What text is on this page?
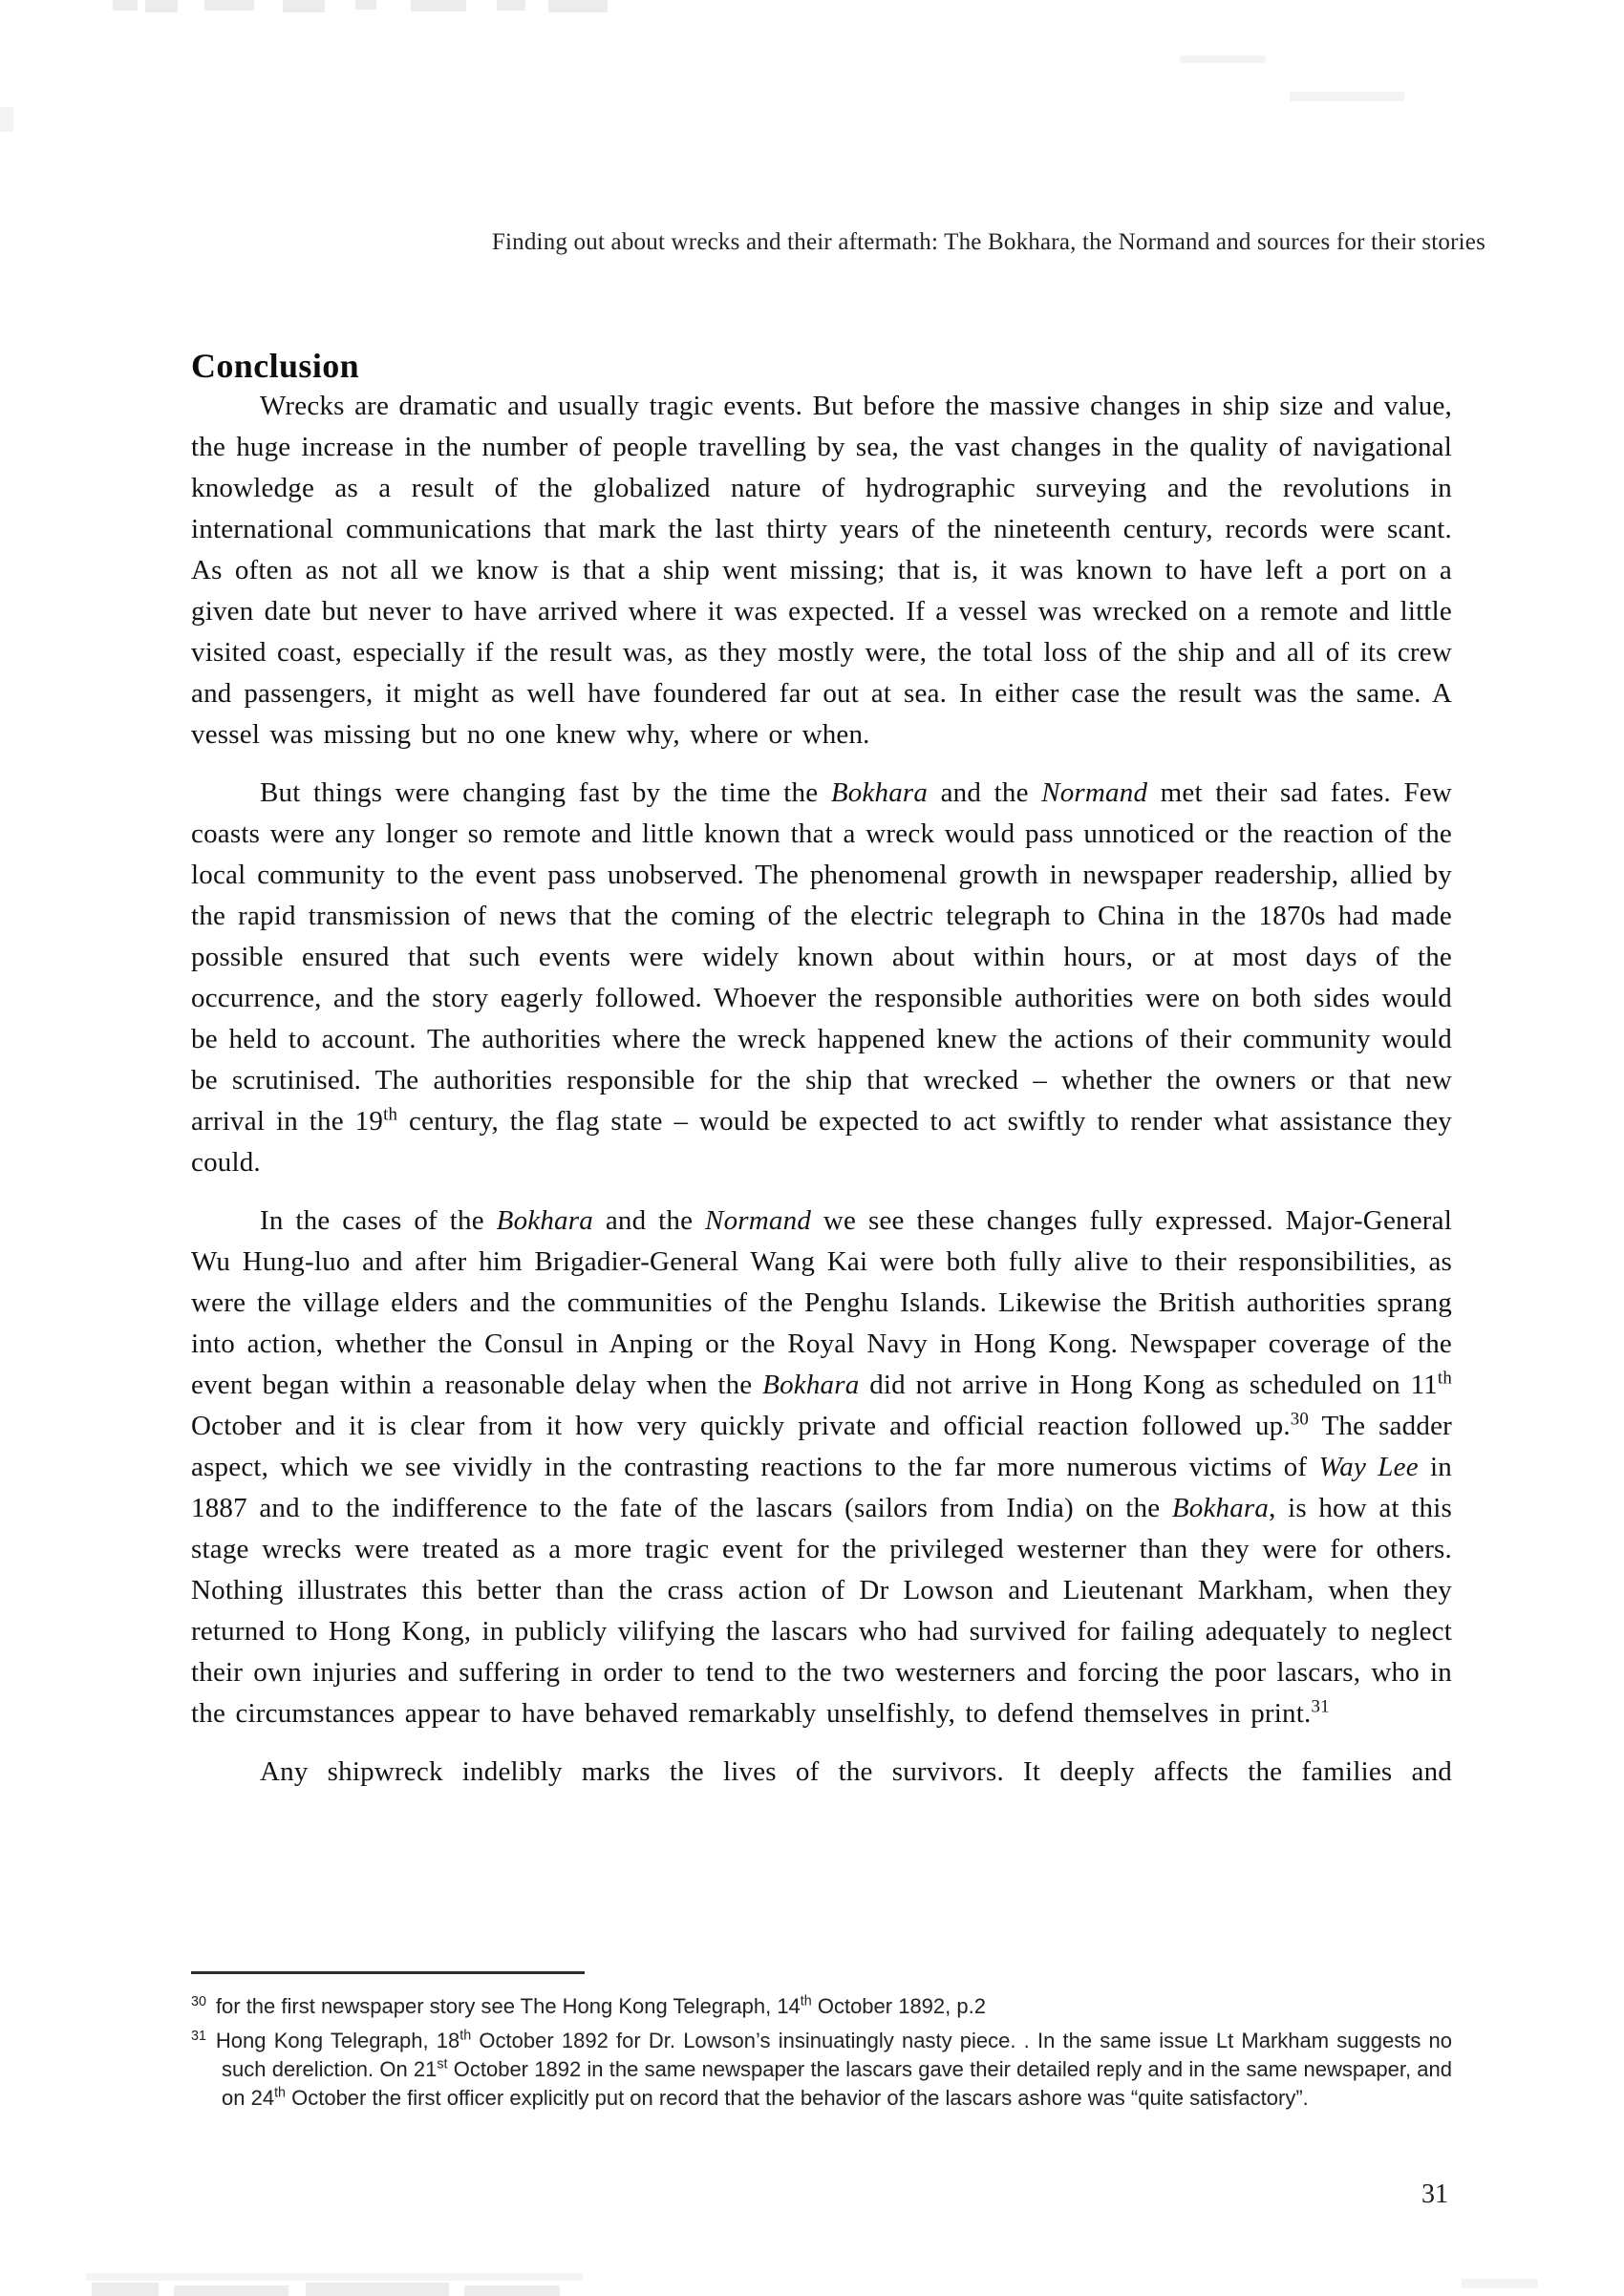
Finding out about wrecks and their aftermath: The Bokhara, the Normand and sources for their stories
Conclusion

Wrecks are dramatic and usually tragic events. But before the massive changes in ship size and value, the huge increase in the number of people travelling by sea, the vast changes in the quality of navigational knowledge as a result of the globalized nature of hydrographic surveying and the revolutions in international communications that mark the last thirty years of the nineteenth century, records were scant. As often as not all we know is that a ship went missing; that is, it was known to have left a port on a given date but never to have arrived where it was expected. If a vessel was wrecked on a remote and little visited coast, especially if the result was, as they mostly were, the total loss of the ship and all of its crew and passengers, it might as well have foundered far out at sea. In either case the result was the same. A vessel was missing but no one knew why, where or when.

But things were changing fast by the time the Bokhara and the Normand met their sad fates. Few coasts were any longer so remote and little known that a wreck would pass unnoticed or the reaction of the local community to the event pass unobserved. The phenomenal growth in newspaper readership, allied by the rapid transmission of news that the coming of the electric telegraph to China in the 1870s had made possible ensured that such events were widely known about within hours, or at most days of the occurrence, and the story eagerly followed. Whoever the responsible authorities were on both sides would be held to account. The authorities where the wreck happened knew the actions of their community would be scrutinised. The authorities responsible for the ship that wrecked – whether the owners or that new arrival in the 19th century, the flag state – would be expected to act swiftly to render what assistance they could.

In the cases of the Bokhara and the Normand we see these changes fully expressed. Major-General Wu Hung-luo and after him Brigadier-General Wang Kai were both fully alive to their responsibilities, as were the village elders and the communities of the Penghu Islands. Likewise the British authorities sprang into action, whether the Consul in Anping or the Royal Navy in Hong Kong. Newspaper coverage of the event began within a reasonable delay when the Bokhara did not arrive in Hong Kong as scheduled on 11th October and it is clear from it how very quickly private and official reaction followed up.$^{30}$ The sadder aspect, which we see vividly in the contrasting reactions to the far more numerous victims of Way Lee in 1887 and to the indifference to the fate of the lascars (sailors from India) on the Bokhara, is how at this stage wrecks were treated as a more tragic event for the privileged westerner than they were for others. Nothing illustrates this better than the crass action of Dr Lowson and Lieutenant Markham, when they returned to Hong Kong, in publicly vilifying the lascars who had survived for failing adequately to neglect their own injuries and suffering in order to tend to the two westerners and forcing the poor lascars, who in the circumstances appear to have behaved remarkably unselfishly, to defend themselves in print.$^{31}$

Any shipwreck indelibly marks the lives of the survivors. It deeply affects the families and

$^{30}$ for the first newspaper story see The Hong Kong Telegraph, 14th October 1892, p.2

$^{31}$ Hong Kong Telegraph, 18th October 1892 for Dr. Lowson’s insinuatingly nasty piece. . In the same issue Lt Markham suggests no such dereliction. On 21st October 1892 in the same newspaper the lascars gave their detailed reply and in the same newspaper, and on 24th October the first officer explicitly put on record that the behavior of the lascars ashore was “quite satisfactory”.

31
